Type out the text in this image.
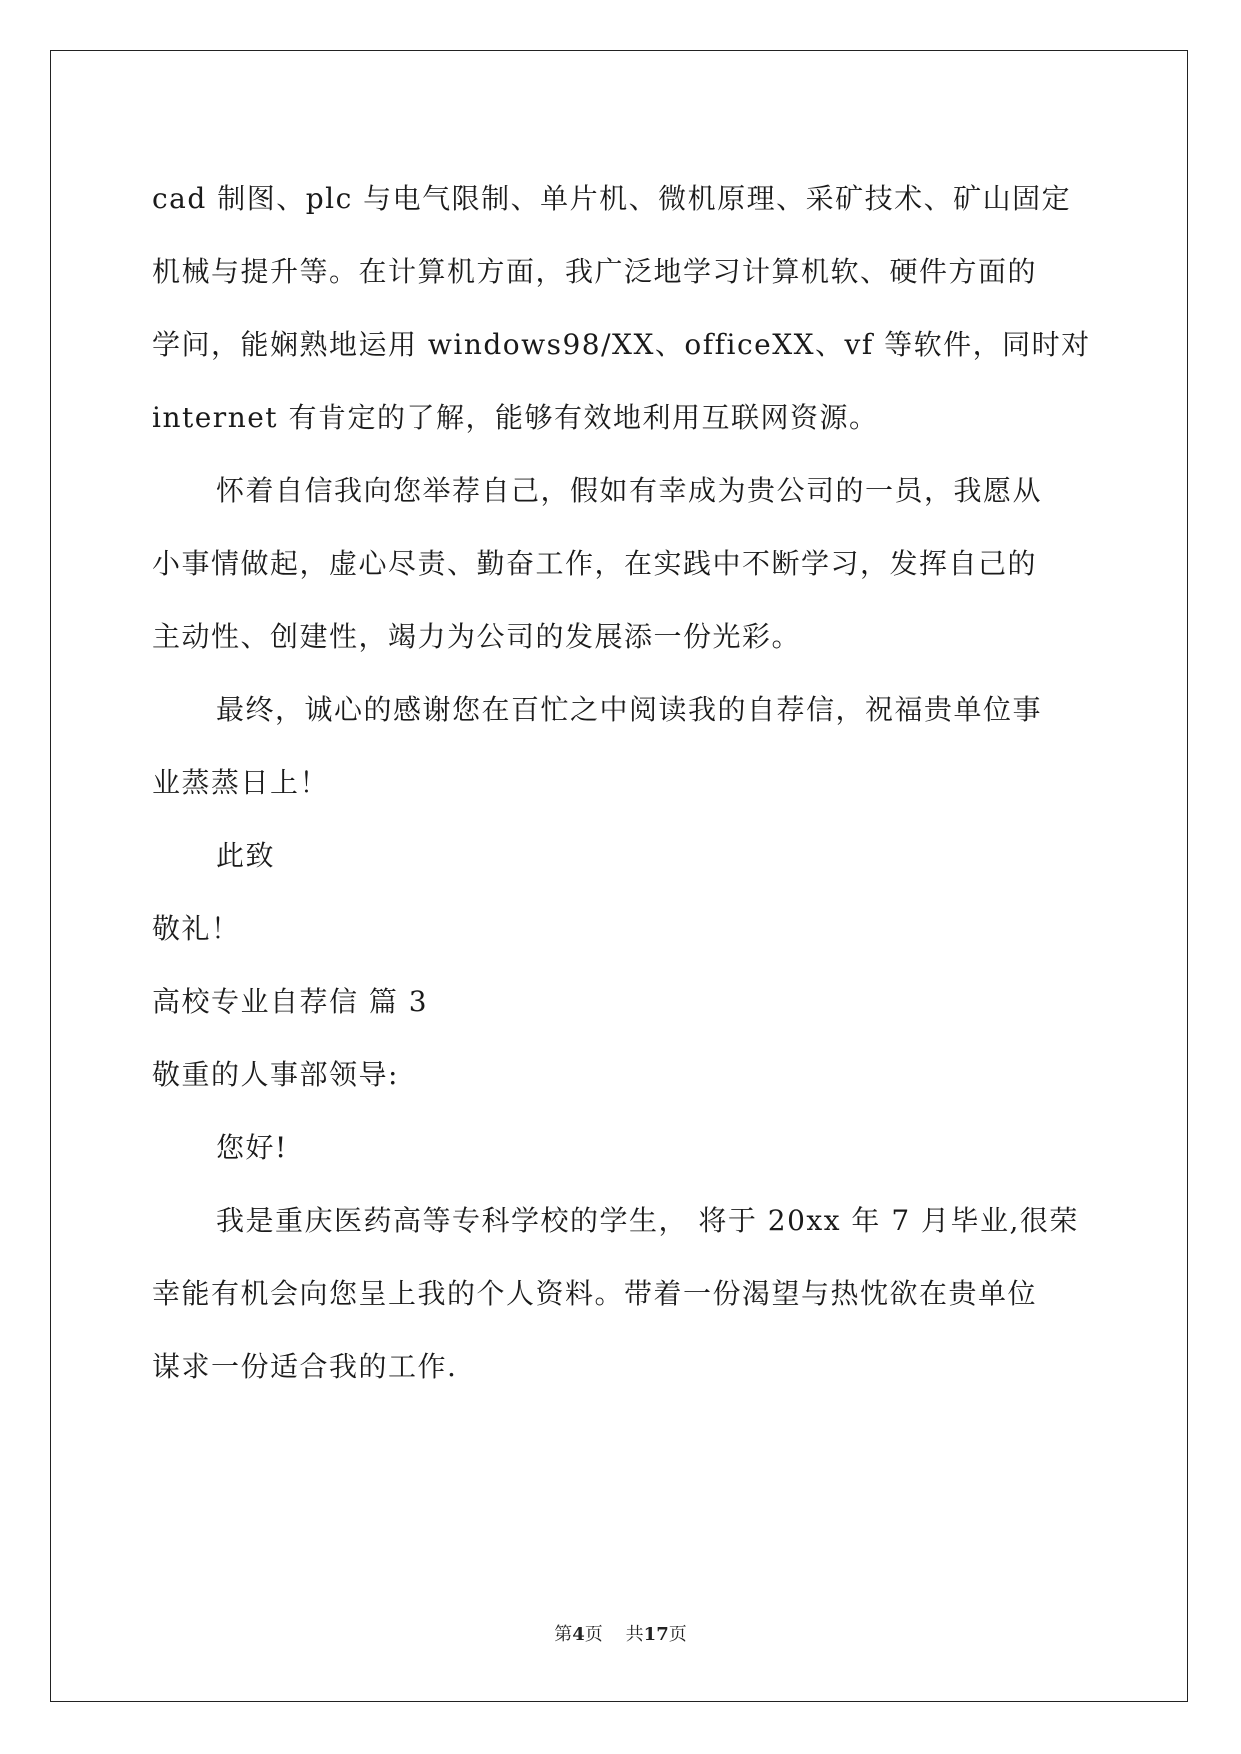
cad 制图、plc 与电气限制、单片机、微机原理、采矿技术、矿山固定
机械与提升等。在计算机方面，我广泛地学习计算机软、硬件方面的
学问，能娴熟地运用 windows98/XX、officeXX、vf 等软件，同时对
internet 有肯定的了解，能够有效地利用互联网资源。
怀着自信我向您举荐自己，假如有幸成为贵公司的一员，我愿从
小事情做起，虚心尽责、勤奋工作，在实践中不断学习，发挥自己的
主动性、创建性，竭力为公司的发展添一份光彩。
最终，诚心的感谢您在百忙之中阅读我的自荐信，祝福贵单位事
业蒸蒸日上！
此致
敬礼！
高校专业自荐信 篇 3
敬重的人事部领导:
您好!
我是重庆医药高等专科学校的学生， 将于 20xx 年 7 月毕业,很荣
幸能有机会向您呈上我的个人资料。带着一份渴望与热忱欲在贵单位
谋求一份适合我的工作.
第4页 共17页
